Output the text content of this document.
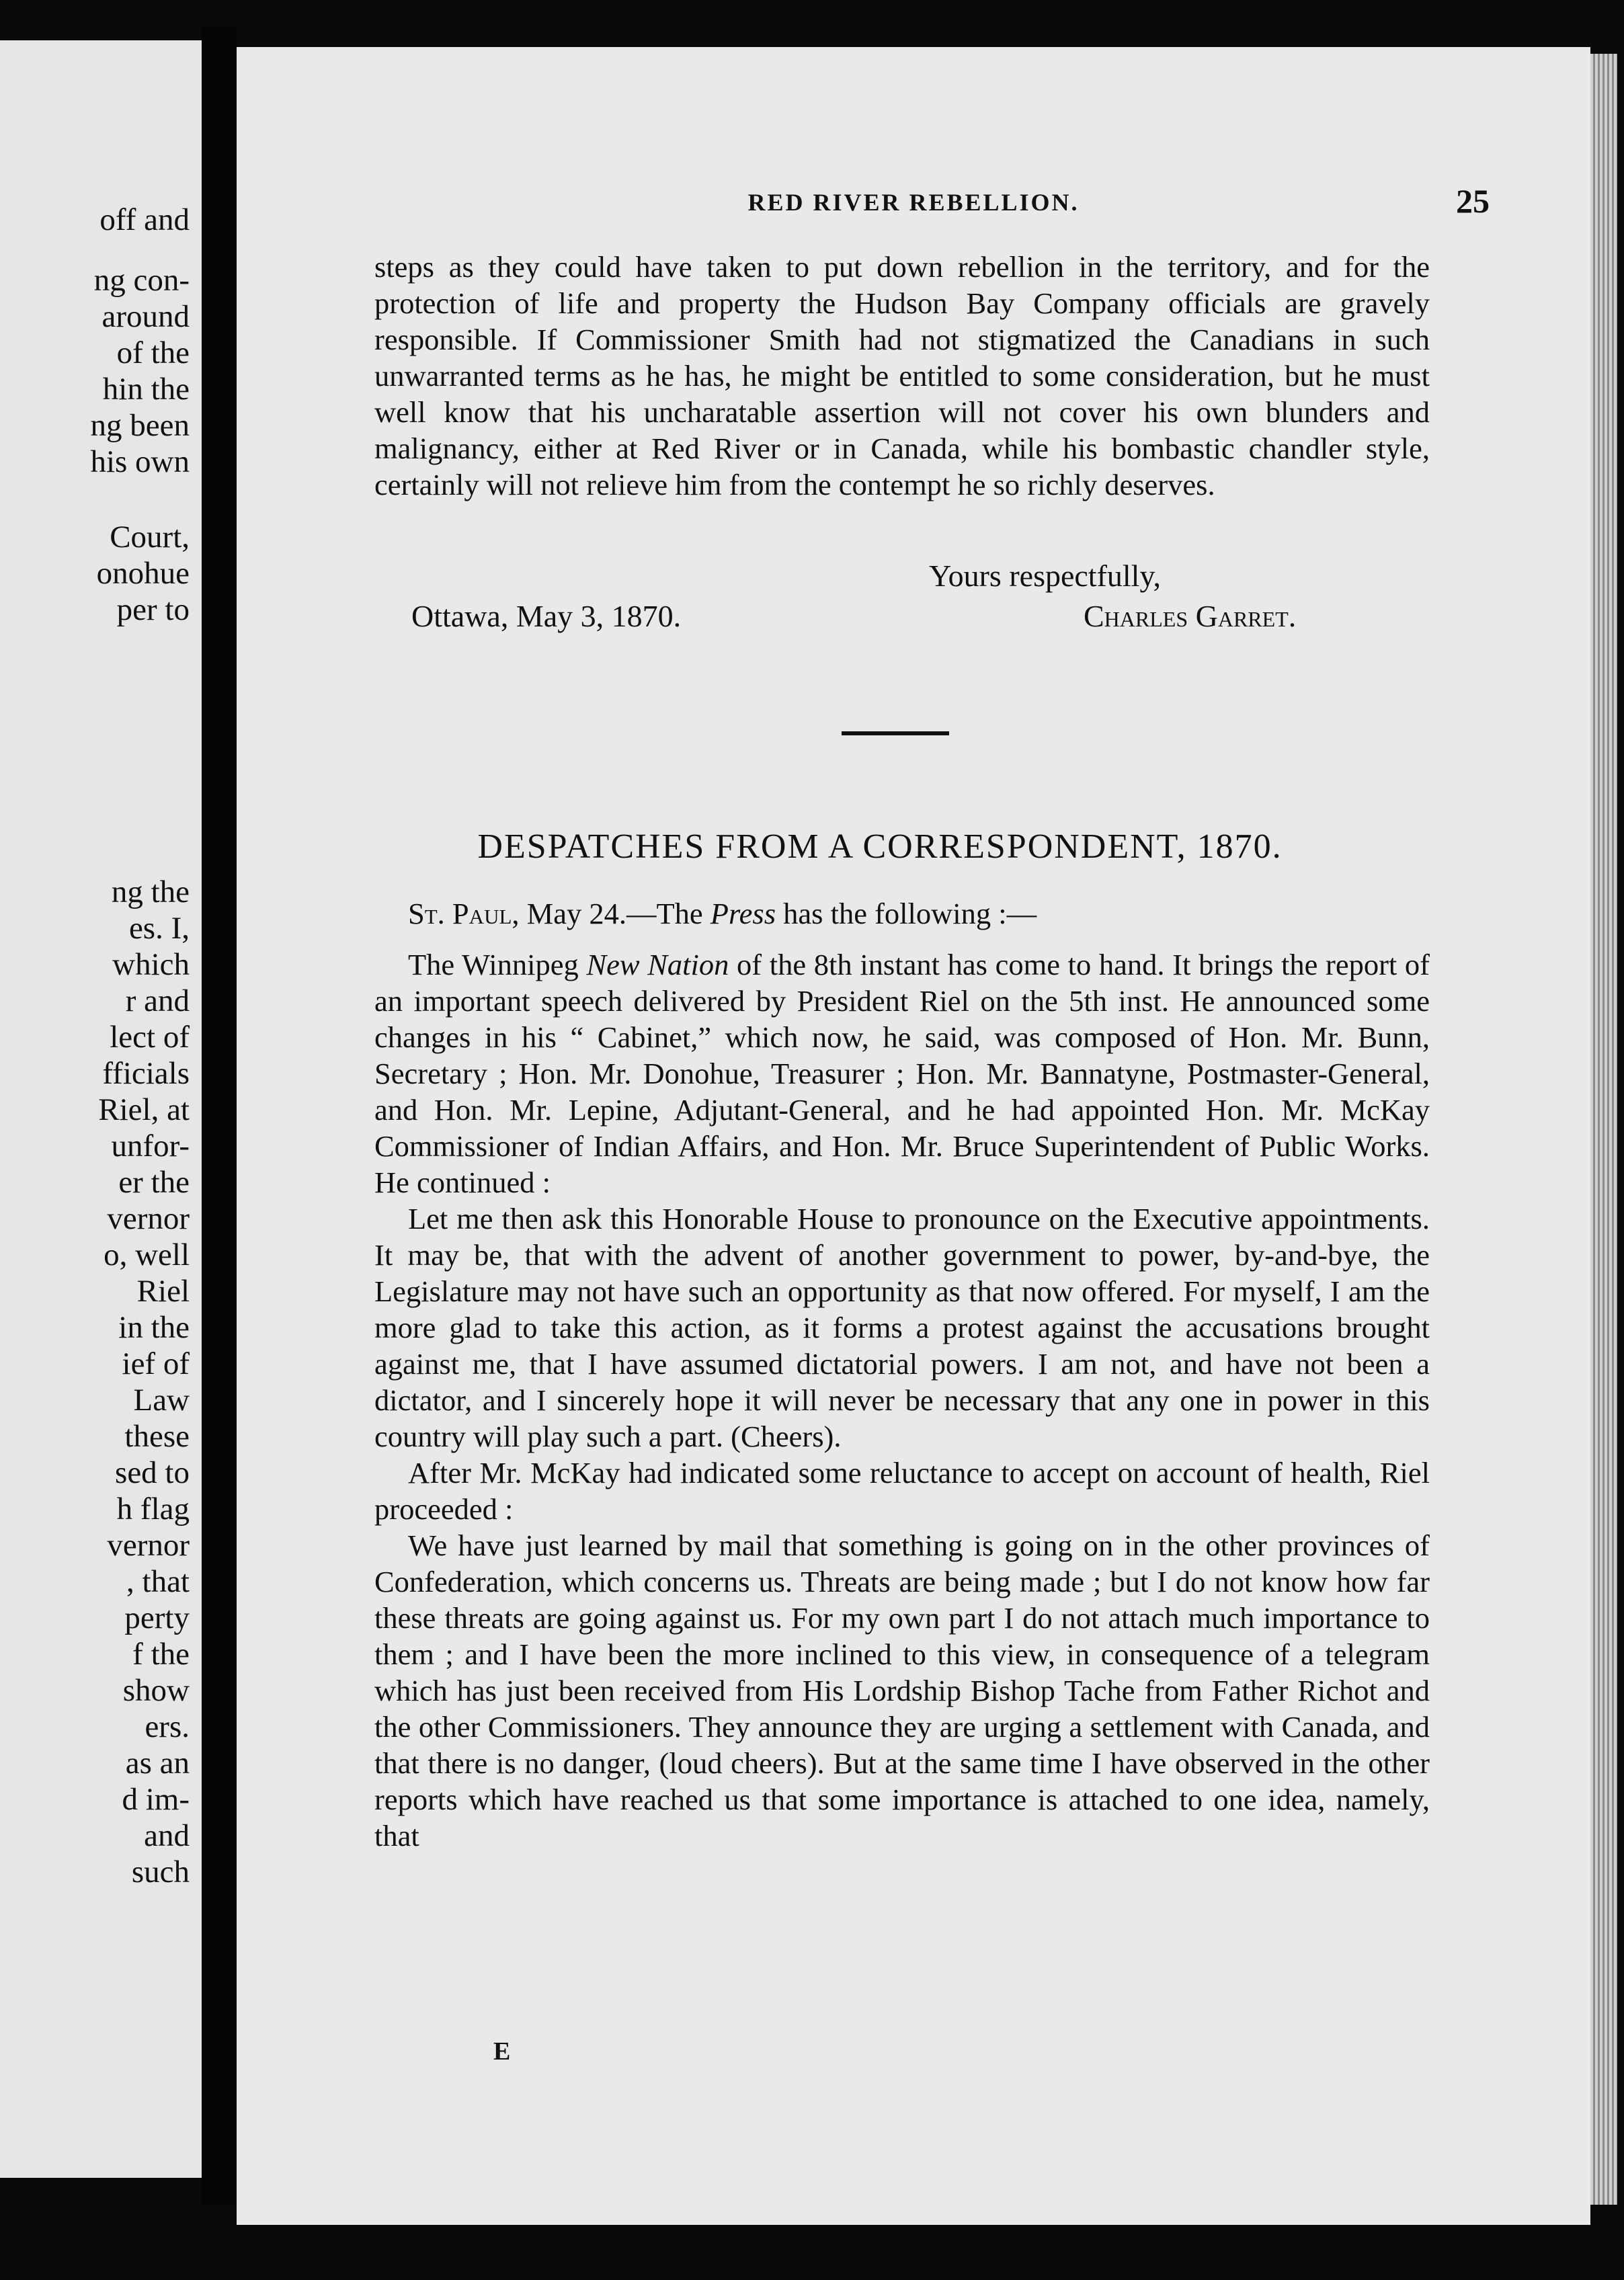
off and
ng con-
around
of the
hin the
ng been
his own
Court,
onohue
per to
ng the
es. I,
which
r and
lect of
fficials
Riel, at
unfor-
er the
vernor
o, well
Riel
in the
ief of
Law
these
sed to
h flag
vernor
, that
perty
f the
show
ers.
as an
d im-
and
such
RED RIVER REBELLION.	25

steps as they could have taken to put down rebellion in the territory, and for the protection of life and property the Hudson Bay Company officials are gravely responsible. If Commissioner Smith had not stigmatized the Canadians in such unwarranted terms as he has, he might be entitled to some consideration, but he must well know that his uncharatable assertion will not cover his own blunders and malignancy, either at Red River or in Canada, while his bombastic chandler style, certainly will not relieve him from the contempt he so richly deserves.

Yours respectfully,
Ottawa, May 3, 1870.	Charles Garret.
DESPATCHES FROM A CORRESPONDENT, 1870.

St. Paul, May 24.—The Press has the following :—

The Winnipeg New Nation of the 8th instant has come to hand. It brings the report of an important speech delivered by President Riel on the 5th inst. He announced some changes in his “ Cabinet,” which now, he said, was composed of Hon. Mr. Bunn, Secretary ; Hon. Mr. Donohue, Treasurer ; Hon. Mr. Bannatyne, Postmaster-General, and Hon. Mr. Lepine, Adjutant-General, and he had appointed Hon. Mr. McKay Commissioner of Indian Affairs, and Hon. Mr. Bruce Superintendent of Public Works. He continued :

Let me then ask this Honorable House to pronounce on the Executive appointments. It may be, that with the advent of another government to power, by-and-bye, the Legislature may not have such an opportunity as that now offered. For myself, I am the more glad to take this action, as it forms a protest against the accusations brought against me, that I have assumed dictatorial powers. I am not, and have not been a dictator, and I sincerely hope it will never be necessary that any one in power in this country will play such a part. (Cheers).

After Mr. McKay had indicated some reluctance to accept on account of health, Riel proceeded :

We have just learned by mail that something is going on in the other provinces of Confederation, which concerns us. Threats are being made ; but I do not know how far these threats are going against us. For my own part I do not attach much importance to them ; and I have been the more inclined to this view, in consequence of a telegram which has just been received from His Lordship Bishop Tache from Father Richot and the other Commissioners. They announce they are urging a settlement with Canada, and that there is no danger, (loud cheers). But at the same time I have observed in the other reports which have reached us that some importance is attached to one idea, namely, that

E
